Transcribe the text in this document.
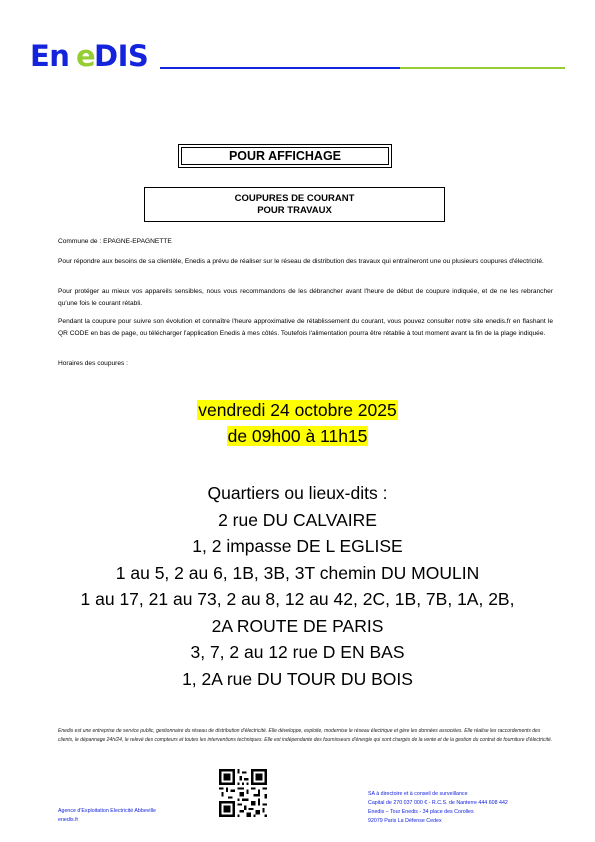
En e
DIS
POUR AFFICHAGE
COUPURES DE COURANT
POUR TRAVAUX
Commune de : EPAGNE-EPAGNETTE
Pour répondre aux besoins de sa clientèle, Enedis a prévu de réaliser sur le réseau de distribution des travaux qui entraîneront une ou plusieurs coupures d'électricité.
Pour protéger au mieux vos appareils sensibles, nous vous recommandons de les débrancher avant l'heure de début de coupure indiquée, et de ne les rebrancher qu'une fois le courant rétabli.
Pendant la coupure pour suivre son évolution et connaître l'heure approximative de rétablissement du courant, vous pouvez consulter notre site enedis.fr en flashant le QR CODE en bas de page, ou télécharger l'application Enedis à mes côtés. Toutefois l'alimentation pourra être rétablie à tout moment avant la fin de la plage indiquée.
Horaires des coupures :
vendredi 24 octobre 2025
de 09h00 à 11h15
Quartiers ou lieux-dits :
2 rue DU CALVAIRE
1, 2 impasse DE L EGLISE
1 au 5, 2 au 6, 1B, 3B, 3T chemin DU MOULIN
1 au 17, 21 au 73, 2 au 8, 12 au 42, 2C, 1B, 7B, 1A, 2B,
2A ROUTE DE PARIS
3, 7, 2 au 12 rue D EN BAS
1, 2A rue DU TOUR DU BOIS
Enedis est une entreprise de service public, gestionnaire du réseau de distribution d'électricité. Elle développe, exploite, modernise le réseau électrique et gère les données associées. Elle réalise les raccordements des clients, le dépannage 24h/24, le relevé des compteurs et toutes les interventions techniques. Elle est indépendante des fournisseurs d'énergie qui sont chargés de la vente et de la gestion du contrat de fourniture d'électricité.
Agence d'Exploitation Electricité Abbeville
enedis.fr
SA à directoire et à conseil de surveillance
Capital de 270 037 000 € - R.C.S. de Nanterre 444 608 442
Enedis – Tour Enedis - 34 place des Corolles
92079 Paris La Défense Cedex
